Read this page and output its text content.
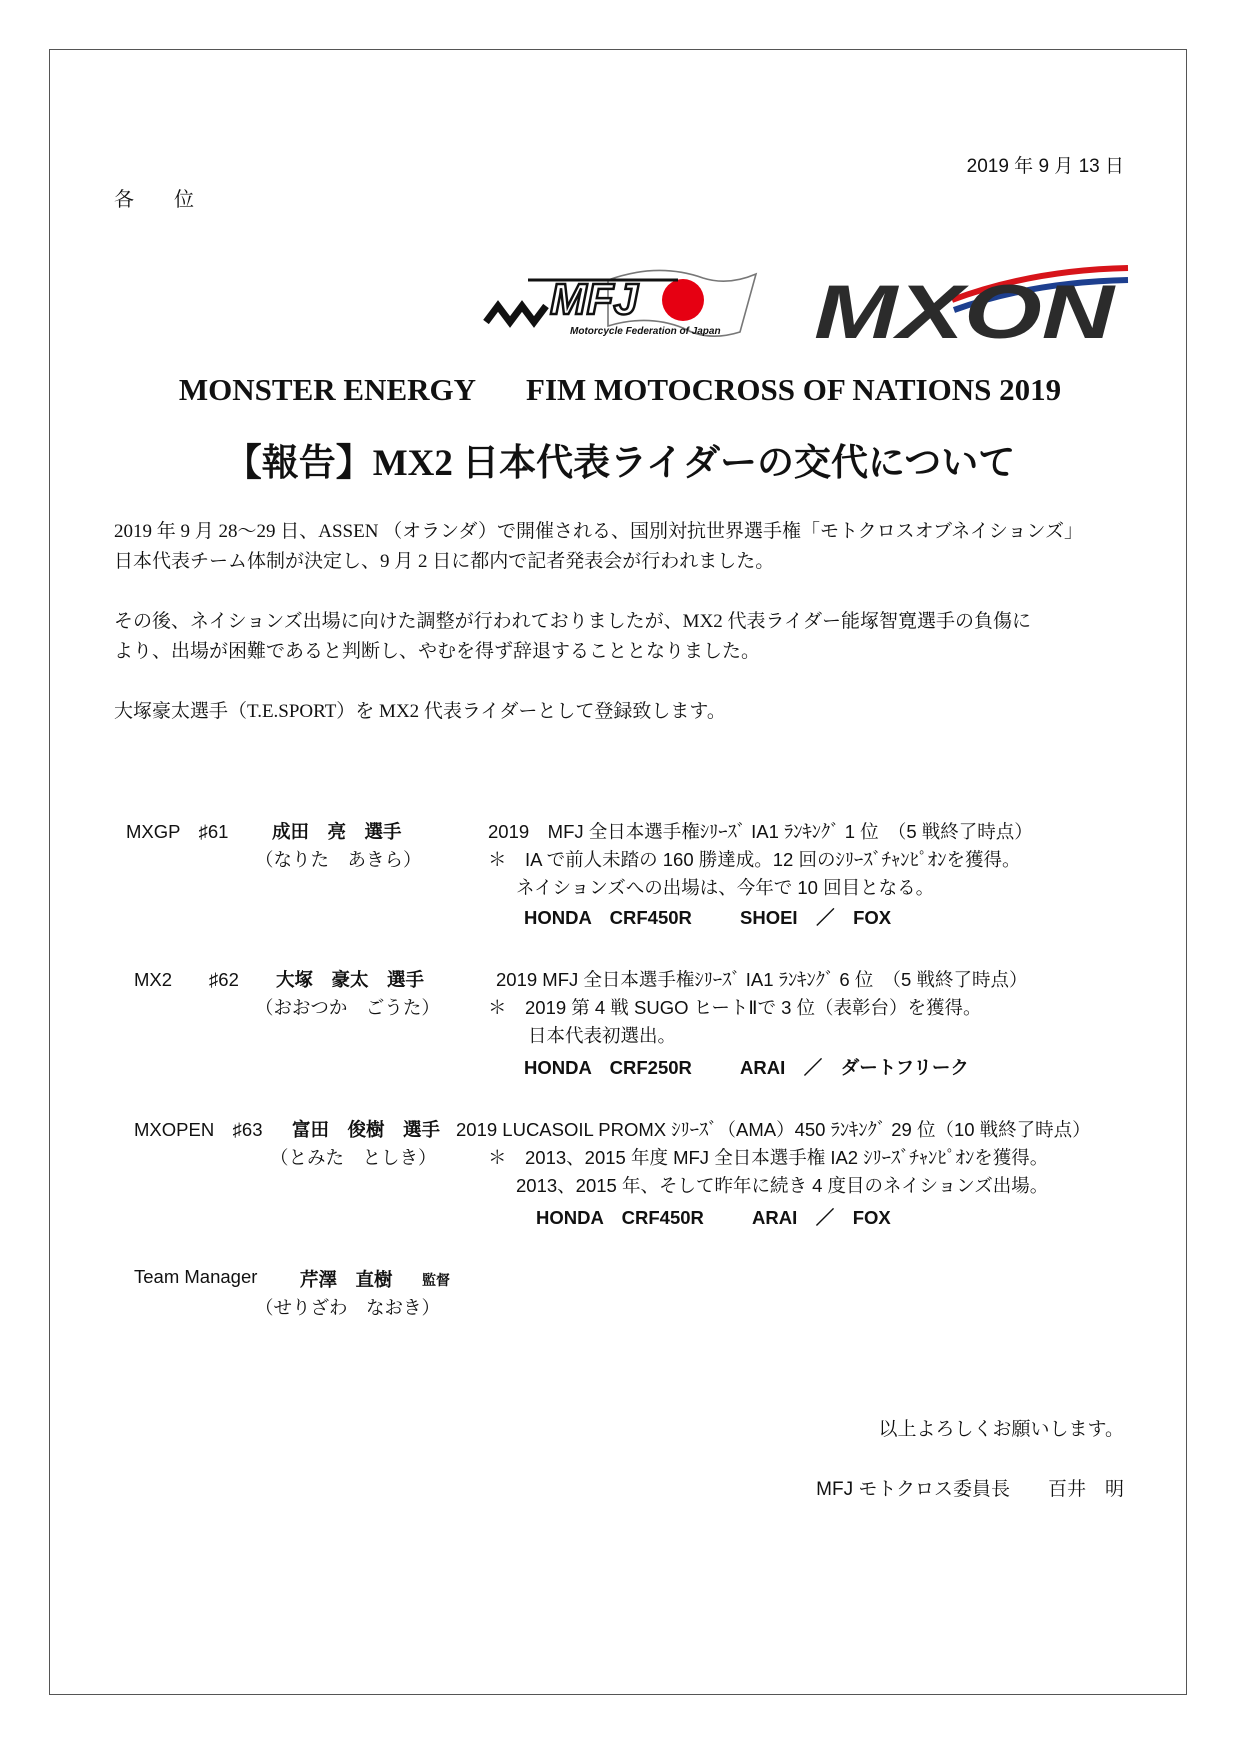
2019 年 9 月 13 日
各 位
MFJ
Motorcycle Federation of Japan MXON
MONSTER ENERGY FIM MOTOCROSS OF NATIONS 2019
【報告】MX2 日本代表ライダーの交代について
2019 年 9 月 28～29 日、ASSEN （オランダ）で開催される、国別対抗世界選手権「モトクロスオブネイションズ」
日本代表チーム体制が決定し、9 月 2 日に都内で記者発表会が行われました。
その後、ネイションズ出場に向けた調整が行われておりましたが、MX2 代表ライダー能塚智寛選手の負傷に
より、出場が困難であると判断し、やむを得ず辞退することとなりました。
大塚豪太選手（T.E.SPORT）を MX2 代表ライダーとして登録致します。
MXGP　♯61 成田　亮　選手
（なりた　あきら）
2019　MFJ 全日本選手権ｼﾘｰｽﾞ IA1 ﾗﾝｷﾝｸﾞ 1 位　（5 戦終了時点）
＊　IA で前人未踏の 160 勝達成。12 回のｼﾘｰｽﾞﾁｬﾝﾋﾟｵﾝを獲得。
ネイションズへの出場は、今年で 10 回目となる。
HONDA　CRF450R	SHOEI　／　FOX
MX2　　♯62 大塚　豪太　選手
（おおつか　ごうた）
2019 MFJ 全日本選手権ｼﾘｰｽﾞ IA1 ﾗﾝｷﾝｸﾞ 6 位　（5 戦終了時点）
＊　2019 第 4 戦 SUGO ヒートⅡで 3 位（表彰台）を獲得。
日本代表初選出。
HONDA　CRF250R	ARAI　／　ダートフリーク
MXOPEN　♯63 富田　俊樹　選手
（とみた　としき）
2019 LUCASOIL PROMX ｼﾘｰｽﾞ（AMA）450 ﾗﾝｷﾝｸﾞ 29 位（10 戦終了時点）
＊　2013、2015 年度 MFJ 全日本選手権 IA2 ｼﾘｰｽﾞﾁｬﾝﾋﾟｵﾝを獲得。
2013、2015 年、そして昨年に続き 4 度目のネイションズ出場。
HONDA　CRF450R	ARAI　／　FOX
Team Manager 芹澤　直樹 監督
（せりざわ　なおき）
以上よろしくお願いします。
MFJ モトクロス委員長　　百井　明
